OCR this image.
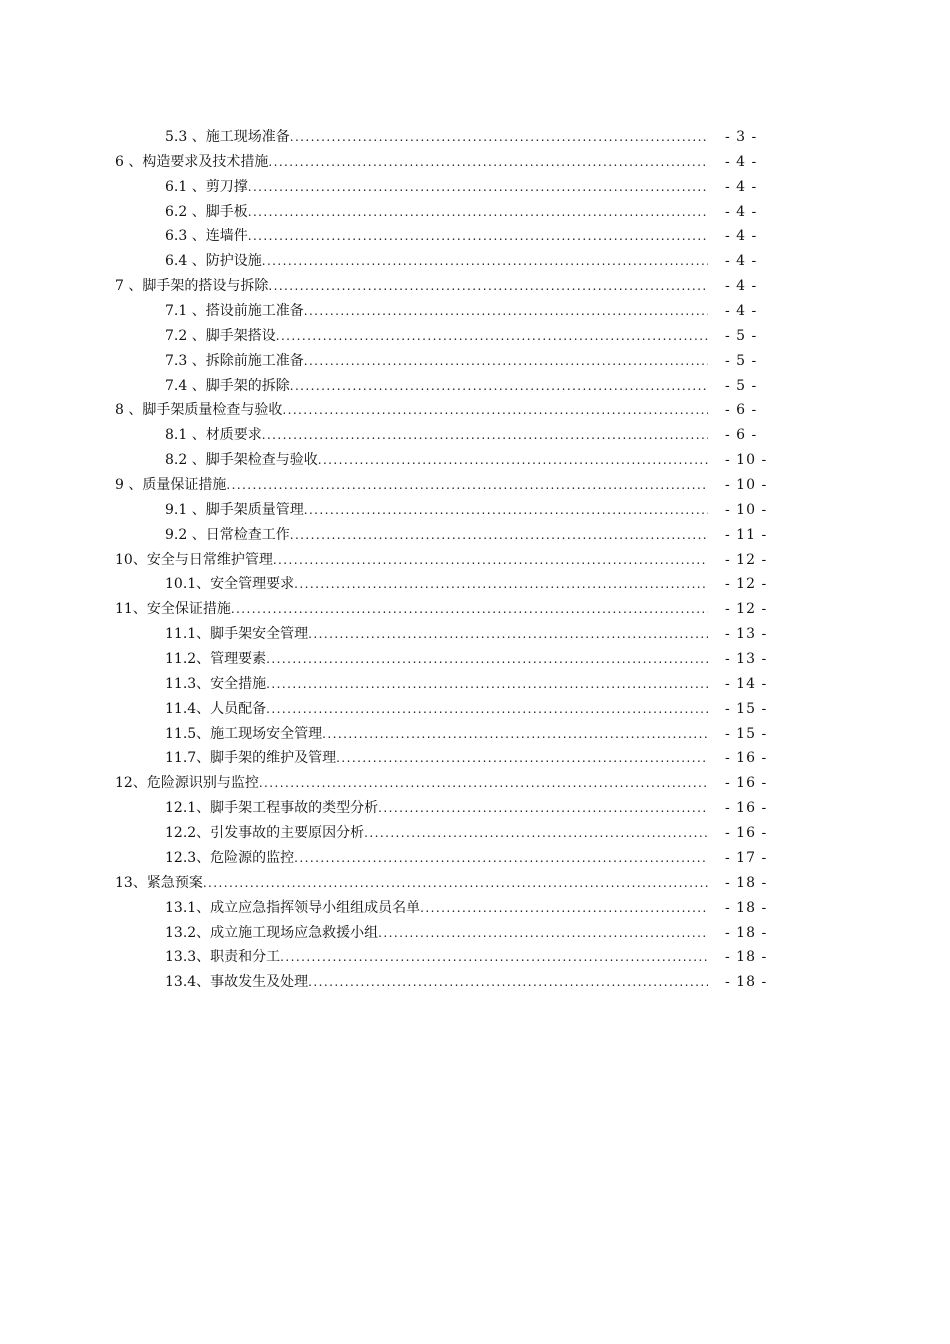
5.3 、施工现场准备 . . .	- 3 -
6 、构造要求及技术措施 . . .	- 4 -
6.1 、剪刀撑 . . .	- 4 -
6.2 、脚手板 . . .	- 4 -
6.3 、连墙件 . . .	- 4 -
6.4 、防护设施 . . .	- 4 -
7 、脚手架的搭设与拆除 . . .	- 4 -
7.1 、搭设前施工准备 . . .	- 4 -
7.2 、脚手架搭设 . . .	- 5 -
7.3 、拆除前施工准备 . . .	- 5 -
7.4 、脚手架的拆除 . . .	- 5 -
8 、脚手架质量检查与验收 . . .	- 6 -
8.1 、材质要求 . . .	- 6 -
8.2 、脚手架检查与验收 . . .	- 10 -
9 、质量保证措施 . . .	- 10 -
9.1 、脚手架质量管理 . . .	- 10 -
9.2 、日常检查工作 . . .	- 11 -
10、安全与日常维护管理 . . .	- 12 -
10.1、安全管理要求 . . .	- 12 -
11、安全保证措施 . . .	- 12 -
11.1、脚手架安全管理 . . .	- 13 -
11.2、管理要素 . . .	- 13 -
11.3、安全措施 . . .	- 14 -
11.4、人员配备 . . .	- 15 -
11.5、施工现场安全管理 . . .	- 15 -
11.7、脚手架的维护及管理 . . .	- 16 -
12、危险源识别与监控 . . .	- 16 -
12.1、脚手架工程事故的类型分析 . . .	- 16 -
12.2、引发事故的主要原因分析 . . .	- 16 -
12.3、危险源的监控 . . .	- 17 -
13、紧急预案 . . .	- 18 -
13.1、成立应急指挥领导小组组成员名单 . . .	- 18 -
13.2、成立施工现场应急救援小组 . . .	- 18 -
13.3、职责和分工 . . .	- 18 -
13.4、事故发生及处理 . . .	- 18 -
